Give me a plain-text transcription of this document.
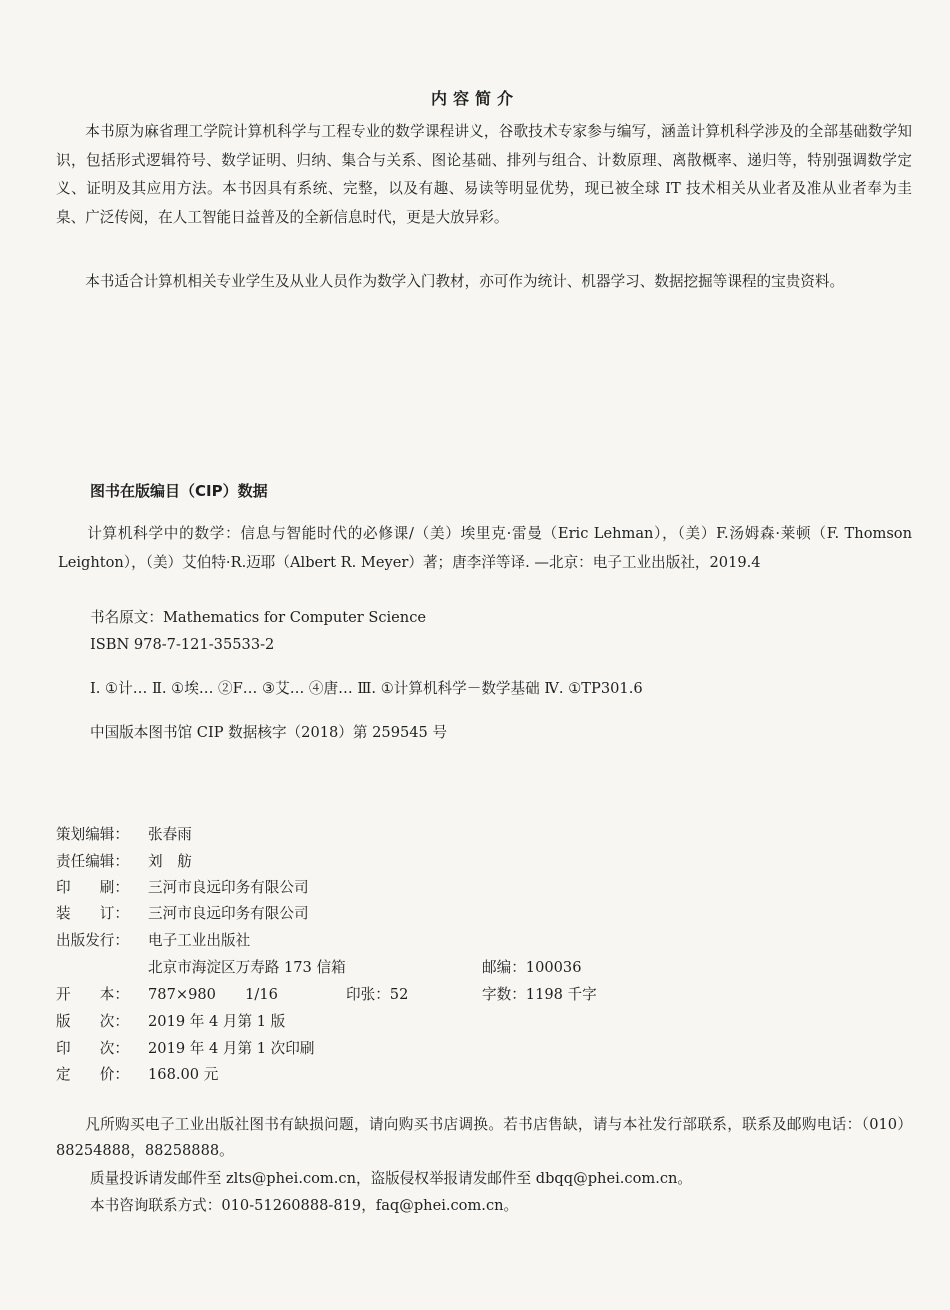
内容简介

本书原为麻省理工学院计算机科学与工程专业的数学课程讲义，谷歌技术专家参与编写，涵盖计算机科学涉及的全部基础数学知识，包括形式逻辑符号、数学证明、归纳、集合与关系、图论基础、排列与组合、计数原理、离散概率、递归等，特别强调数学定义、证明及其应用方法。本书因具有系统、完整，以及有趣、易读等明显优势，现已被全球 IT 技术相关从业者及准从业者奉为圭臬、广泛传阅，在人工智能日益普及的全新信息时代，更是大放异彩。

本书适合计算机相关专业学生及从业人员作为数学入门教材，亦可作为统计、机器学习、数据挖掘等课程的宝贵资料。

图书在版编目（CIP）数据

计算机科学中的数学：信息与智能时代的必修课/（美）埃里克·雷曼（Eric Lehman），（美）F.汤姆森·莱顿（F. Thomson Leighton），（美）艾伯特·R.迈耶（Albert R. Meyer）著；唐李洋等译. —北京：电子工业出版社，2019.4

书名原文：Mathematics for Computer Science
ISBN 978-7-121-35533-2
Ⅰ. ①计… Ⅱ. ①埃… ②F… ③艾… ④唐… Ⅲ. ①计算机科学－数学基础 Ⅳ. ①TP301.6
中国版本图书馆 CIP 数据核字（2018）第 259545 号
策划编辑： 张春雨
责任编辑： 刘　舫
印　　刷： 三河市良远印务有限公司
装　　订： 三河市良远印务有限公司
出版发行： 电子工业出版社
北京市海淀区万寿路 173 信箱	邮编：100036
开　　本： 787×980　　1/16	印张：52	字数：1198 千字
版　　次： 2019 年 4 月第 1 版
印　　次： 2019 年 4 月第 1 次印刷
定　　价： 168.00 元

凡所购买电子工业出版社图书有缺损问题，请向购买书店调换。若书店售缺，请与本社发行部联系，联系及邮购电话：（010）88254888，88258888。

质量投诉请发邮件至 zlts@phei.com.cn，盗版侵权举报请发邮件至 dbqq@phei.com.cn。
本书咨询联系方式：010-51260888-819，faq@phei.com.cn。
